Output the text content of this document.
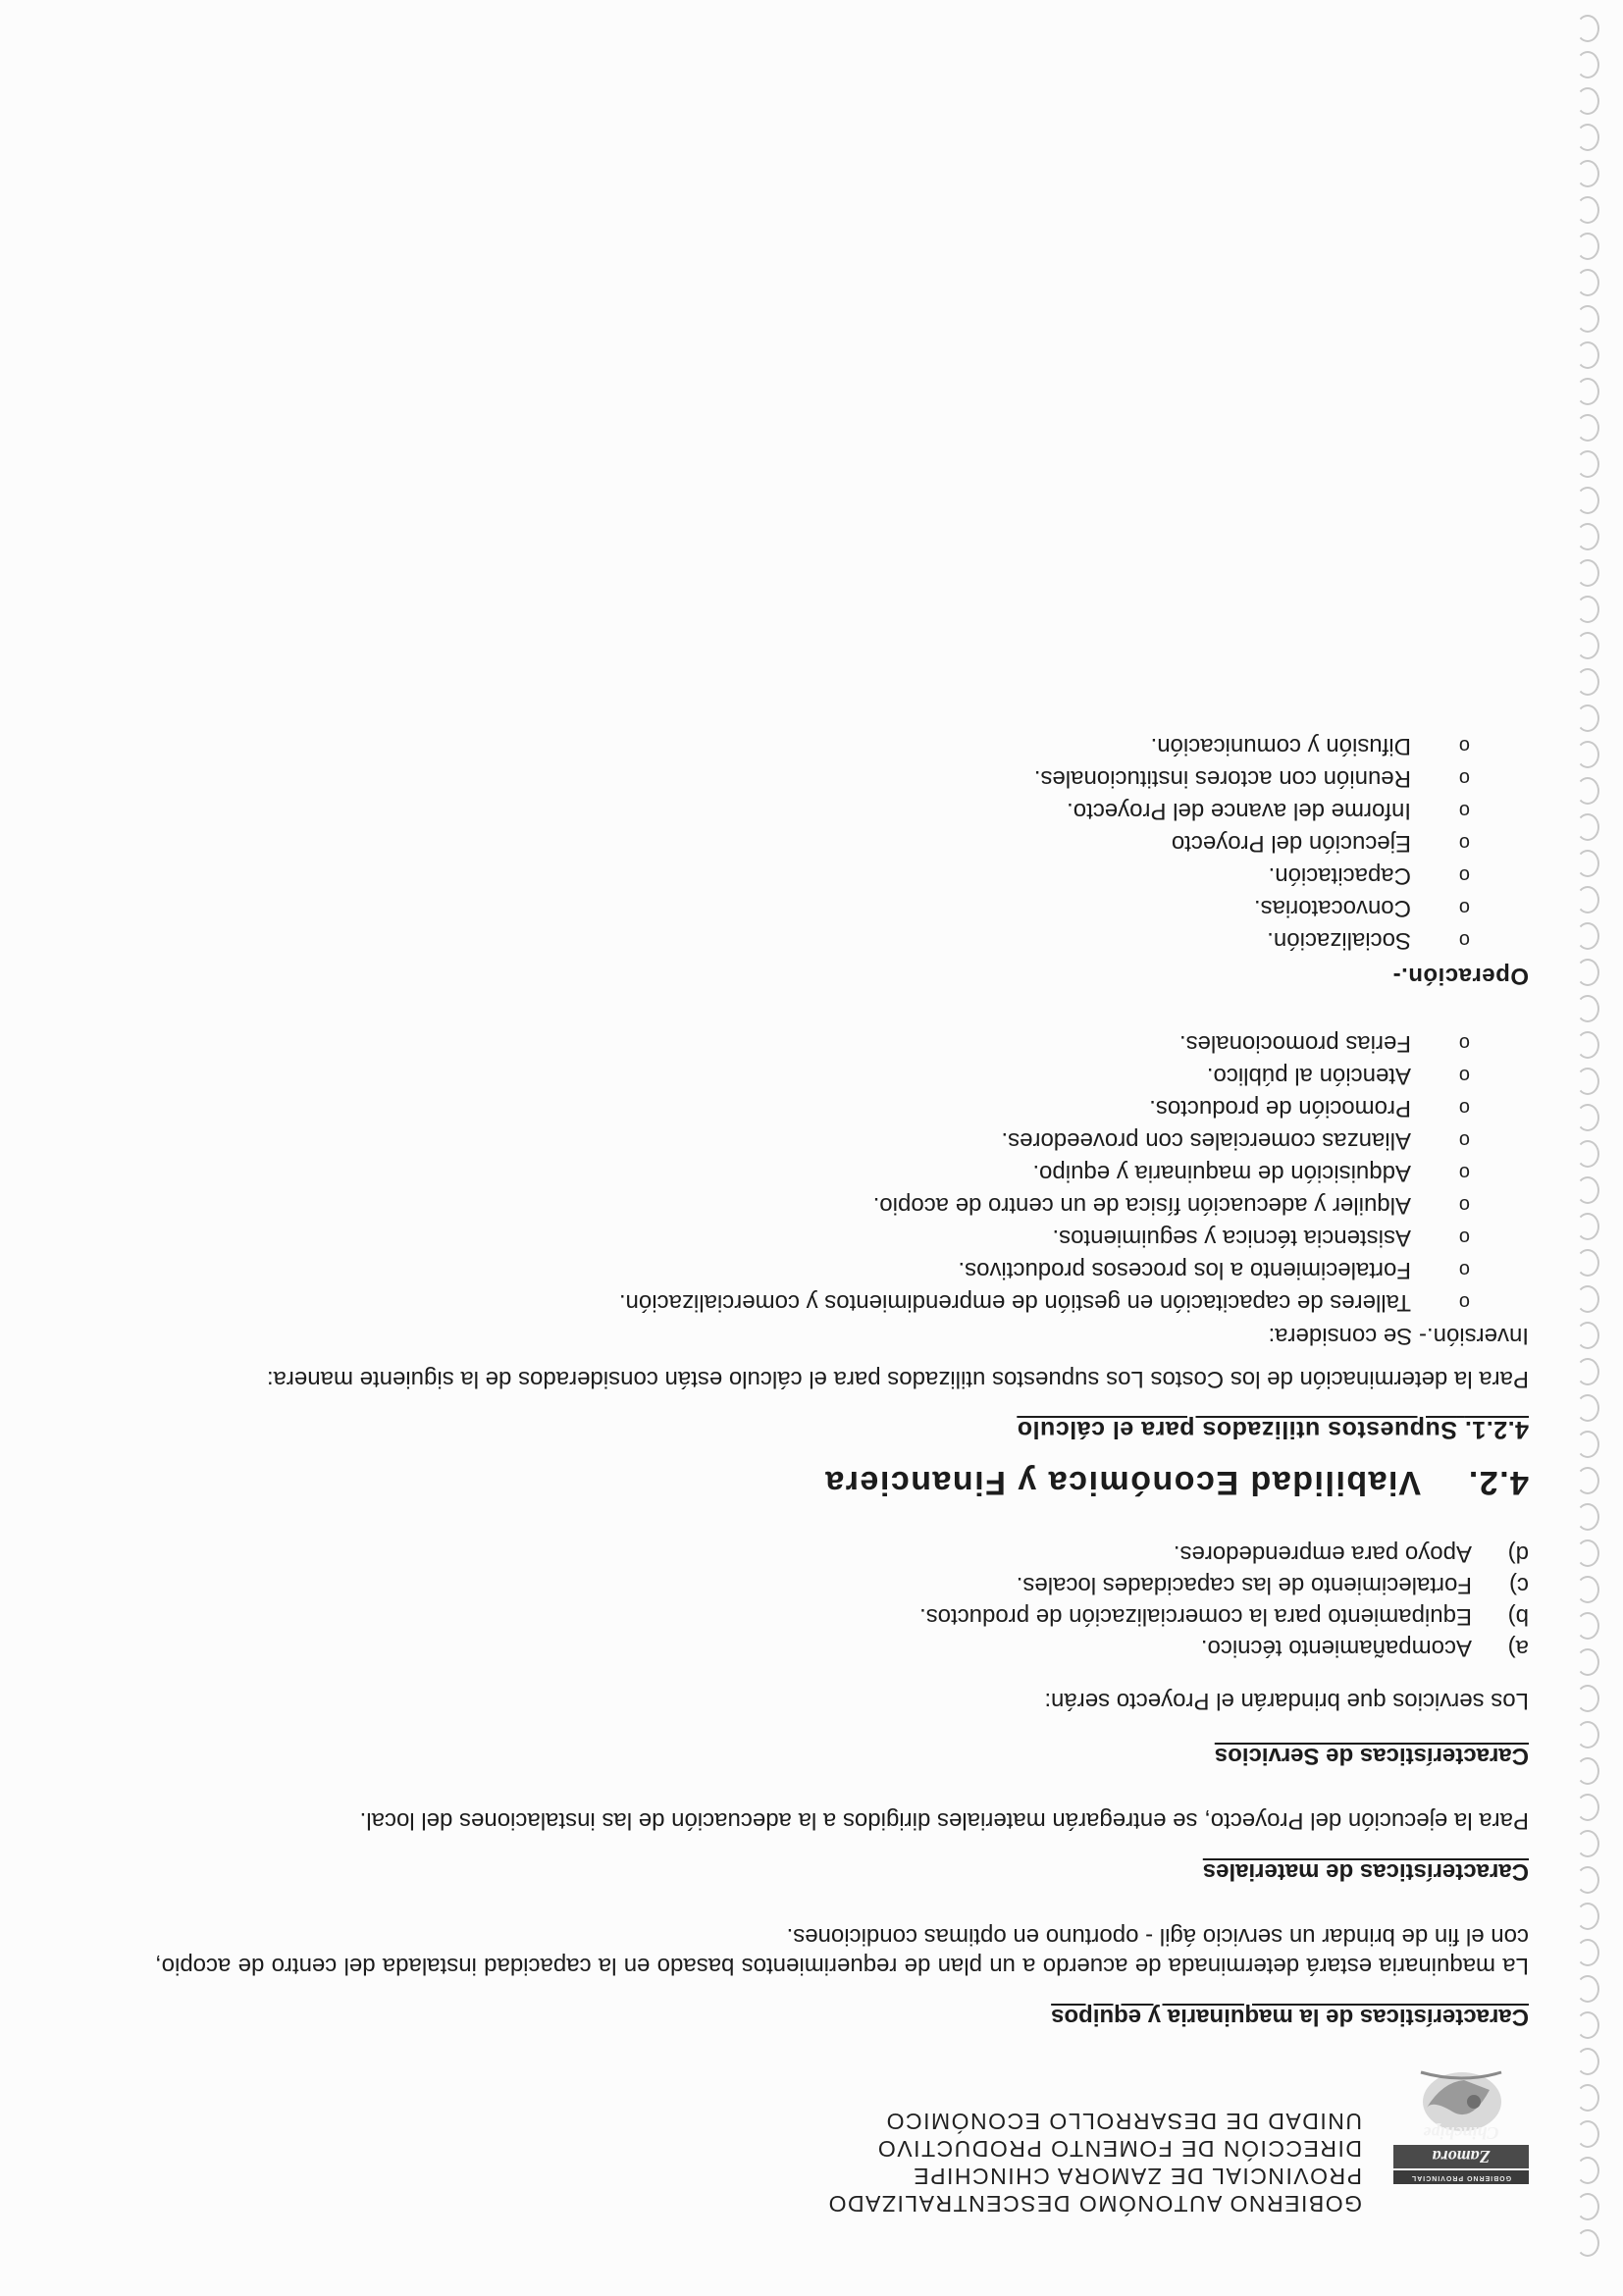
GOBIERNO PROVINCIAL
Zamora Chinchipe
GOBIERNO AUTONÓMO DESCENTRALIZADO
PROVINCIAL DE ZAMORA CHINCHIPE
DIRECCIÓN DE FOMENTO PRODUCTIVO
UNIDAD DE DESARROLLO ECONÓMICO
Características de la maquinaria y equipos

La maquinaria estará determinada de acuerdo a un plan de requerimientos basado en la capacidad instalada del centro de acopio, con el fin de brindar un servicio ágil - oportuno en optimas condiciones.

Características de materiales

Para la ejecución del Proyecto, se entregarán materiales dirigidos a la adecuación de las instalaciones del local.

Características de Servicios

Los servicios que brindarán el Proyecto serán:

a)
Acompañamiento técnico.
b)
Equipamiento para la comercialización de productos.
c)
Fortalecimiento de las capacidades locales.
d)
Apoyo para emprendedores.
4.2.Viabilidad Económica y Financiera
4.2.1. Supuestos utilizados para el cálculo

Para la determinación de los Costos Los supuestos utilizados para el cálculo están considerados de la siguiente manera:

Inversión.- Se considera:
o
Talleres de capacitación en gestión de emprendimientos y comercialización.
o
Fortalecimiento a los procesos productivos.
o
Asistencia técnica y seguimientos.
o
Alquiler y adecuación física de un centro de acopio.
o
Adquisición de maquinaria y equipo.
o
Alianzas comerciales con proveedores.
o
Promoción de productos.
o
Atención al público.
o
Ferias promocionales.
Operación.-
o
Socialización.
o
Convocatorias.
o
Capacitación.
o
Ejecución del Proyecto
o
Informe del avance del Proyecto.
o
Reunión con actores institucionales.
o
Difusión y comunicación.
